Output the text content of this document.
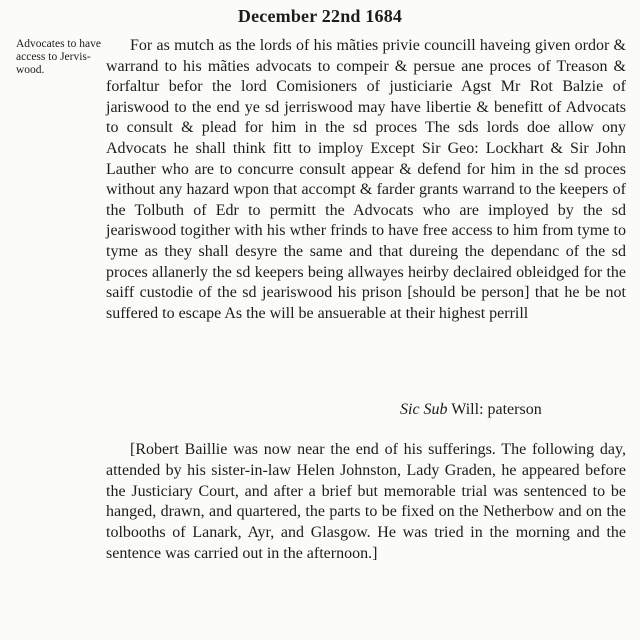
December 22nd 1684
Advocates to have access to Jervis-wood.

For as mutch as the lords of his mãties privie councill haveing given ordor & warrand to his mãties advocats to compeir & persue ane proces of Treason & forfaltur befor the lord Comisioners of justiciarie Agst Mr Rot Balzie of jariswood to the end ye sd jerriswood may have libertie & benefitt of Advocats to consult & plead for him in the sd proces The sds lords doe allow ony Advocats he shall think fitt to imploy Except Sir Geo: Lockhart & Sir John Lauther who are to concurre consult appear & defend for him in the sd proces without any hazard wpon that accompt & farder grants warrand to the keepers of the Tolbuth of Edr to permitt the Advocats who are imployed by the sd jeariswood togither with his wther frinds to have free access to him from tyme to tyme as they shall desyre the same and that dureing the dependanc of the sd proces allanerly the sd keepers being allwayes heirby declaired obleidged for the saiff custodie of the sd jeariswood his prison [should be person] that he be not suffered to escape As the will be ansuerable at their highest perrill

Sic Sub Will: paterson

[Robert Baillie was now near the end of his sufferings. The following day, attended by his sister-in-law Helen Johnston, Lady Graden, he appeared before the Justiciary Court, and after a brief but memorable trial was sentenced to be hanged, drawn, and quartered, the parts to be fixed on the Netherbow and on the tolbooths of Lanark, Ayr, and Glasgow. He was tried in the morning and the sentence was carried out in the afternoon.]
